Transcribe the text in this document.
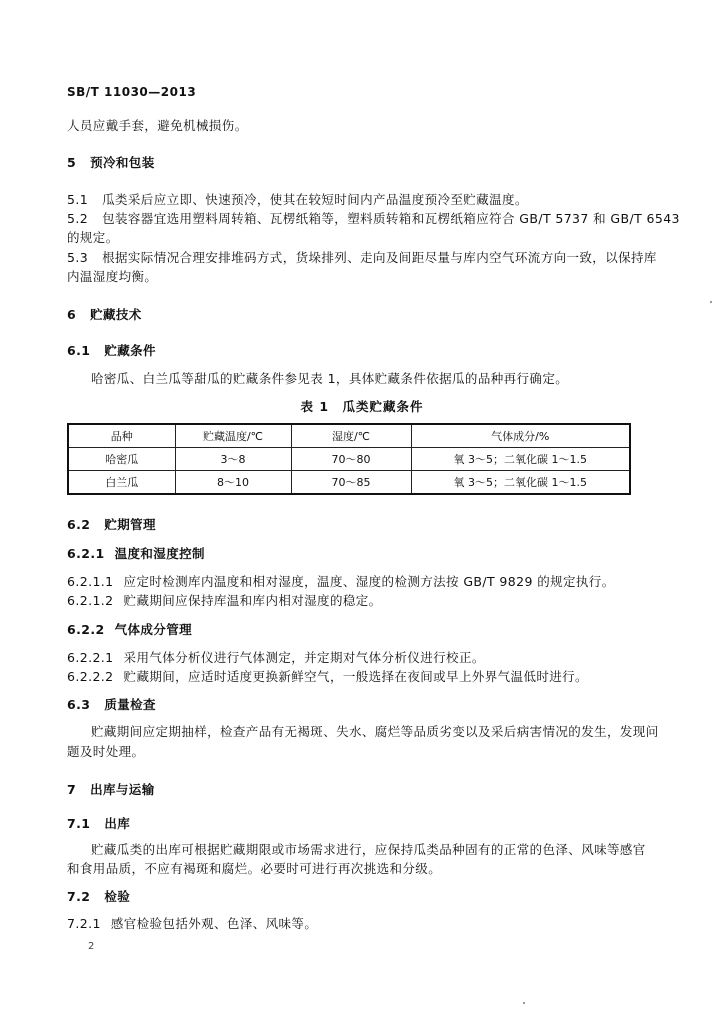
SB/T 11030—2013
人员应戴手套，避免机械损伤。
5 预冷和包装
5.1 瓜类采后应立即、快速预冷，使其在较短时间内产品温度预冷至贮藏温度。
5.2 包装容器宜选用塑料周转箱、瓦楞纸箱等，塑料质转箱和瓦楞纸箱应符合 GB/T 5737 和 GB/T 6543
的规定。
5.3 根据实际情况合理安排堆码方式，货垛排列、走向及间距尽量与库内空气环流方向一致，以保持库
内温湿度均衡。
6 贮藏技术
6.1 贮藏条件
哈密瓜、白兰瓜等甜瓜的贮藏条件参见表 1，具体贮藏条件依据瓜的品种再行确定。
表 1　瓜类贮藏条件
品种	贮藏温度/℃	湿度/℃	气体成分/%
哈密瓜	3～8	70～80	氧 3～5；二氧化碳 1～1.5
白兰瓜	8～10	70～85	氧 3～5；二氧化碳 1～1.5
6.2 贮期管理
6.2.1 温度和湿度控制
6.2.1.1 应定时检测库内温度和相对湿度，温度、湿度的检测方法按 GB/T 9829 的规定执行。
6.2.1.2 贮藏期间应保持库温和库内相对湿度的稳定。
6.2.2 气体成分管理
6.2.2.1 采用气体分析仪进行气体测定，并定期对气体分析仪进行校正。
6.2.2.2 贮藏期间，应适时适度更换新鲜空气，一般选择在夜间或早上外界气温低时进行。
6.3 质量检查
贮藏期间应定期抽样，检查产品有无褐斑、失水、腐烂等品质劣变以及采后病害情况的发生，发现问
题及时处理。
7 出库与运输
7.1 出库
贮藏瓜类的出库可根据贮藏期限或市场需求进行，应保持瓜类品种固有的正常的色泽、风味等感官
和食用品质，不应有褐斑和腐烂。必要时可进行再次挑选和分级。
7.2 检验
7.2.1 感官检验包括外观、色泽、风味等。
2
